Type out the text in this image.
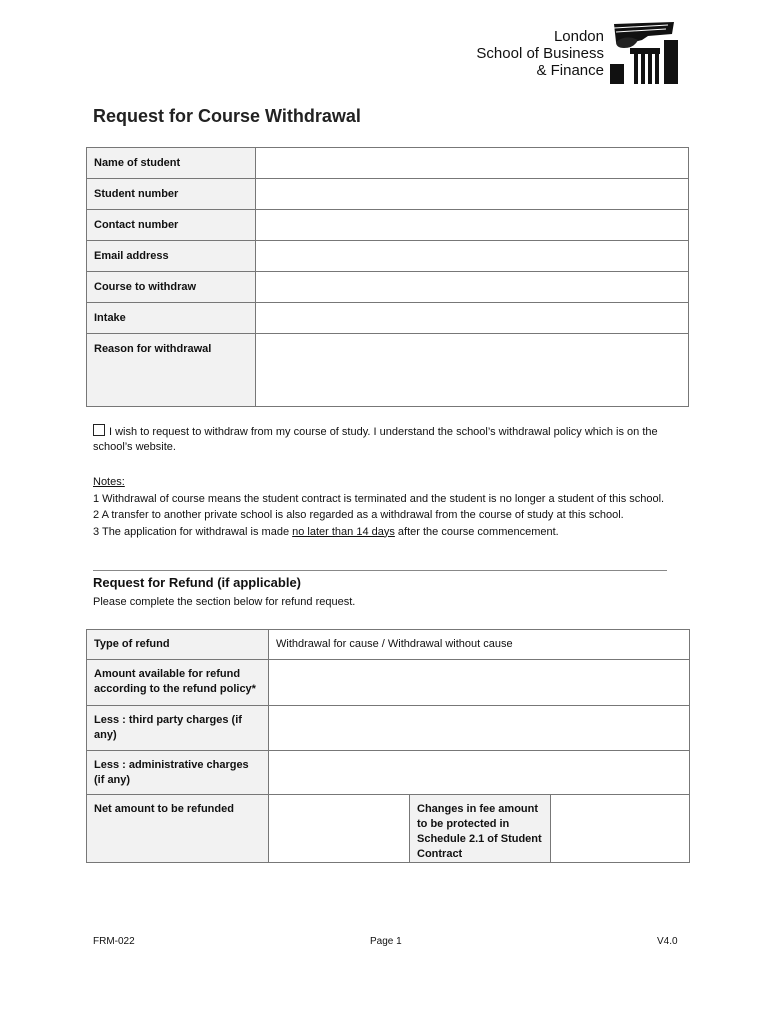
London
School of Business
& Finance
Request for Course Withdrawal
Name of student	
Student number	
Contact number	
Email address	
Course to withdraw	
Intake	
Reason for withdrawal	
I wish to request to withdraw from my course of study. I understand the school’s withdrawal policy which is on the school’s website.
Notes:
1 Withdrawal of course means the student contract is terminated and the student is no longer a student of this school.
2 A transfer to another private school is also regarded as a withdrawal from the course of study at this school.
3 The application for withdrawal is made no later than 14 days after the course commencement.
Request for Refund (if applicable)
Please complete the section below for refund request.
Type of refund	Withdrawal for cause / Withdrawal without cause		
Amount available for refund according to the refund policy*			
Less : third party charges (if any)			
Less : administrative charges (if any)			
Net amount to be refunded		Changes in fee amount to be protected in Schedule 2.1 of Student Contract	
FRM-022	Page 1	V4.0
